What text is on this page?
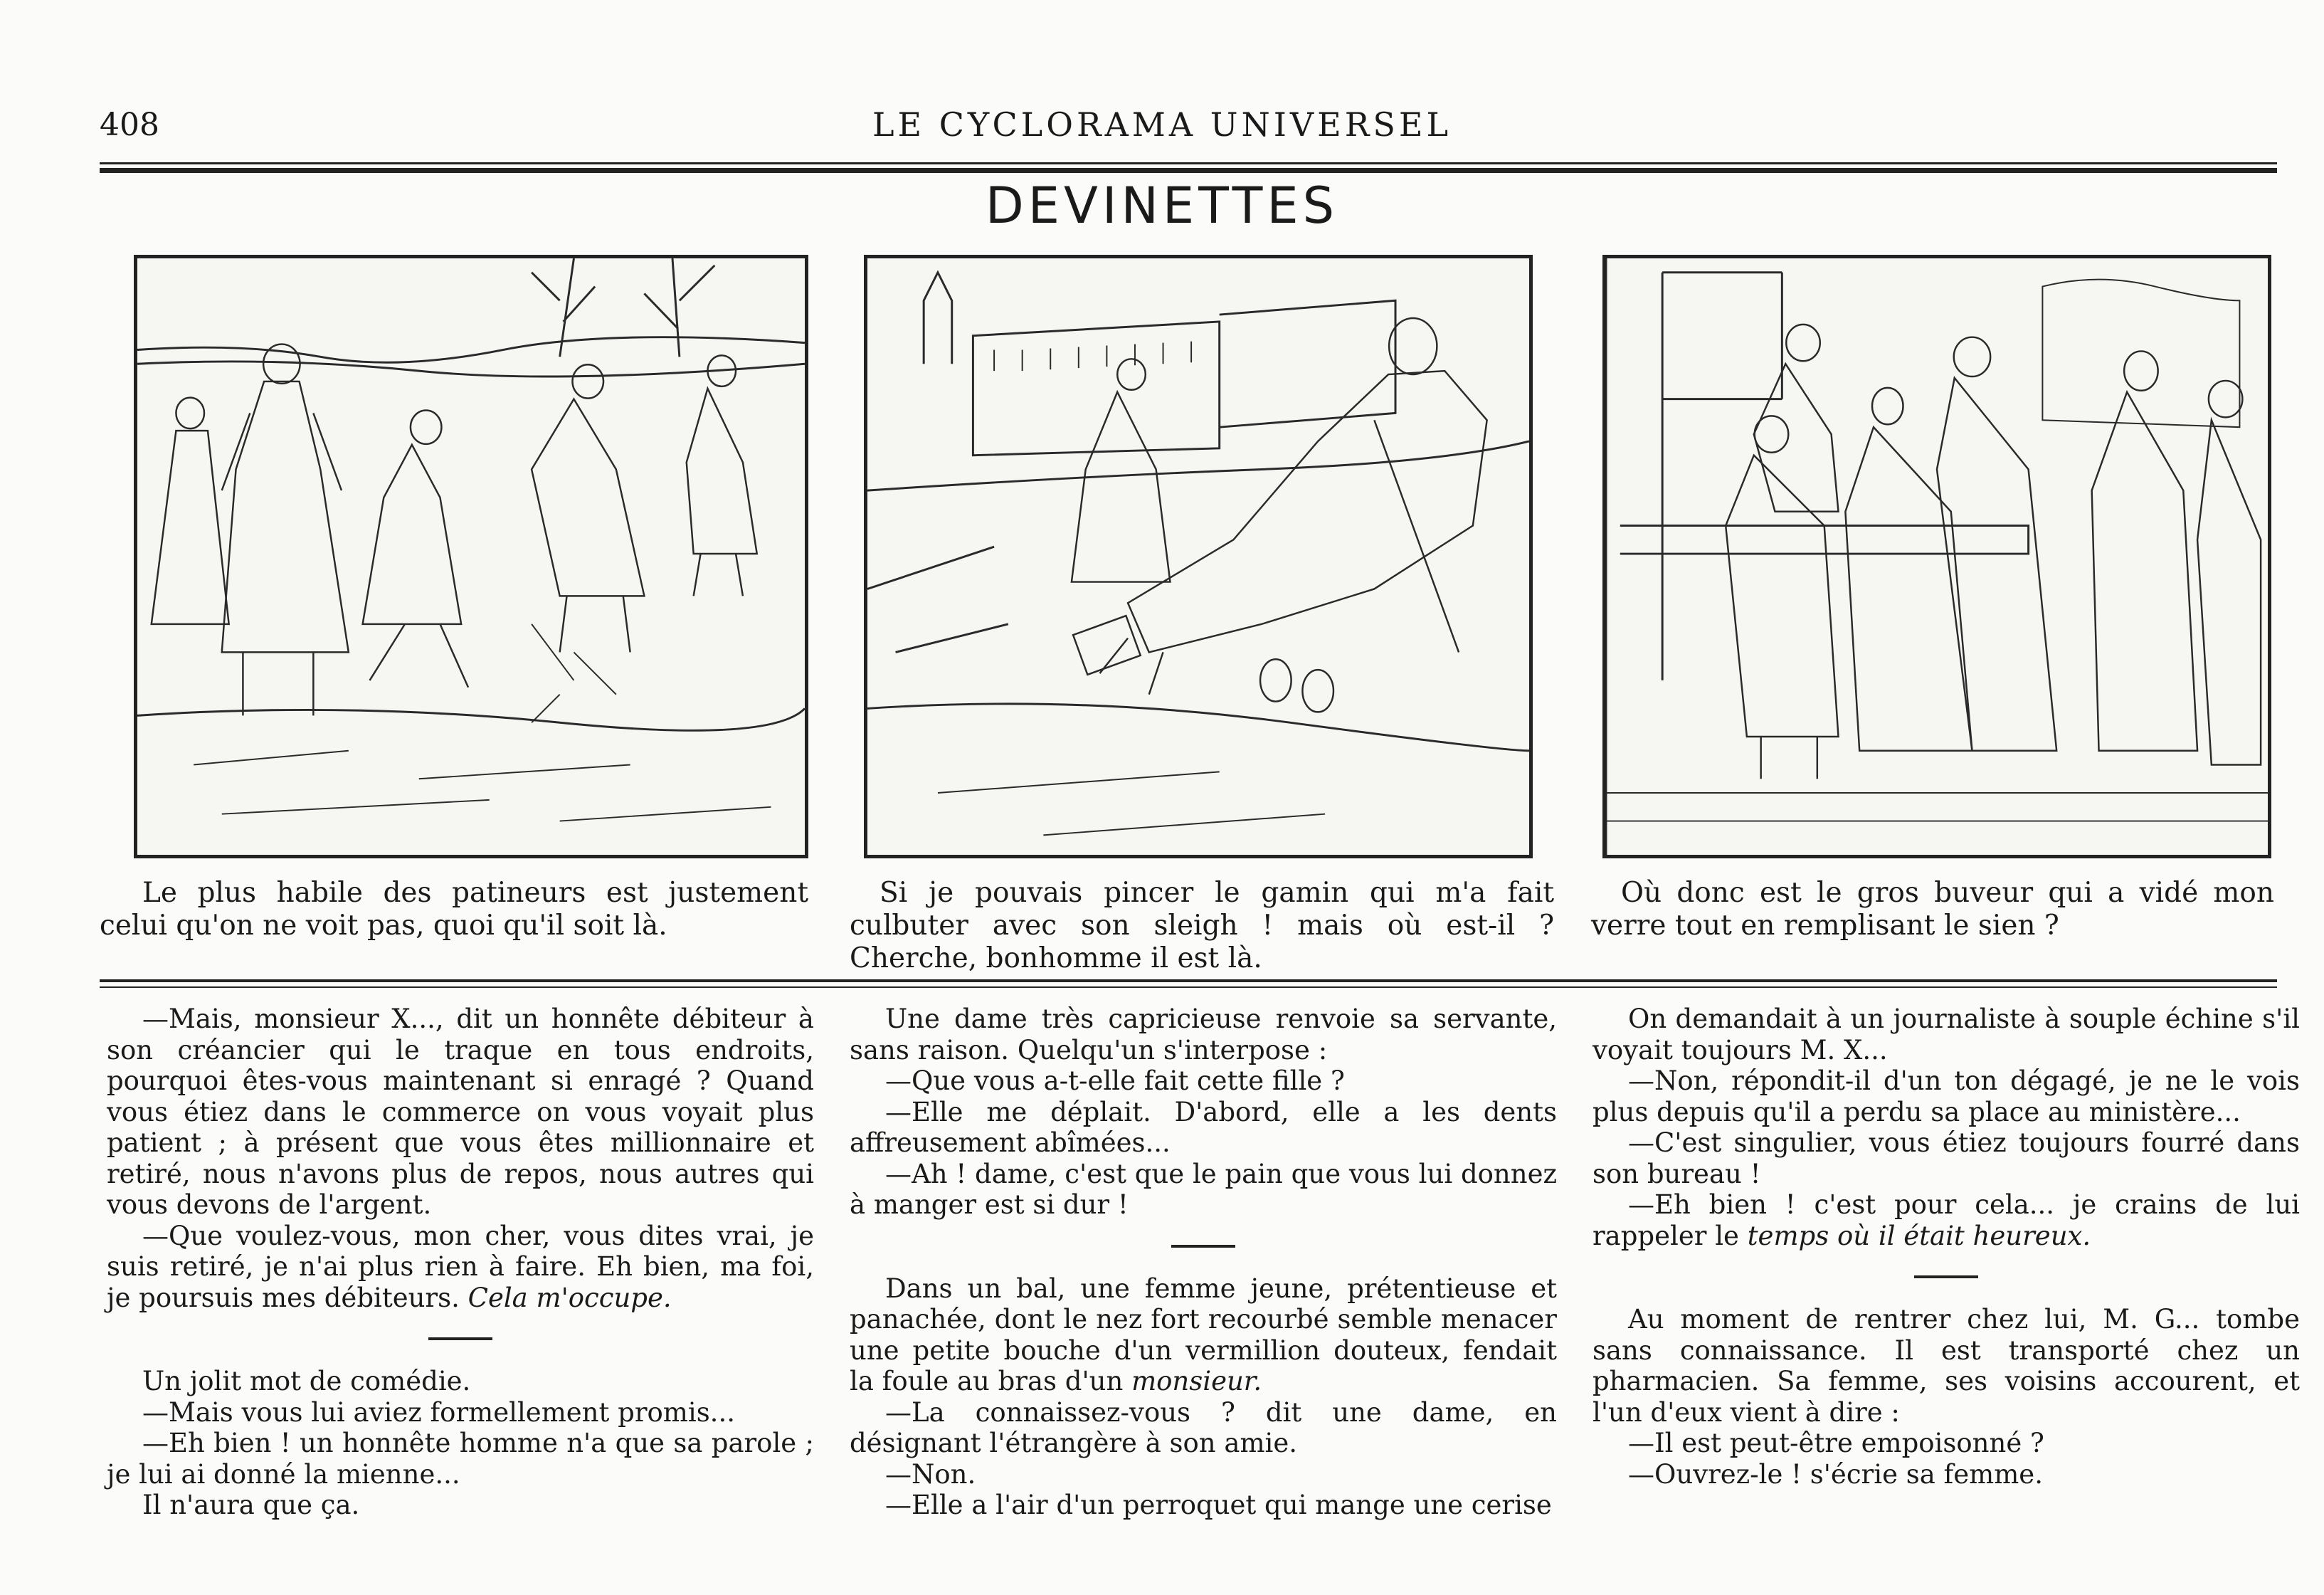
408	LE CYCLORAMA UNIVERSEL
DEVINETTES
Le plus habile des patineurs est justement celui qu'on ne voit pas, quoi qu'il soit là.
Si je pouvais pincer le gamin qui m'a fait culbuter avec son sleigh ! mais où est-il ? Cherche, bonhomme il est là.
Où donc est le gros buveur qui a vidé mon verre tout en remplisant le sien ?

—Mais, monsieur X..., dit un honnête débiteur à son créancier qui le traque en tous endroits, pourquoi êtes-vous maintenant si enragé ? Quand vous étiez dans le commerce on vous voyait plus patient ; à présent que vous êtes millionnaire et retiré, nous n'avons plus de repos, nous autres qui vous devons de l'argent.

—Que voulez-vous, mon cher, vous dites vrai, je suis retiré, je n'ai plus rien à faire. Eh bien, ma foi, je poursuis mes débiteurs. Cela m'occupe.

Un jolit mot de comédie.

—Mais vous lui aviez formellement promis...

—Eh bien ! un honnête homme n'a que sa parole ; je lui ai donné la mienne...

Il n'aura que ça.

Une dame très capricieuse renvoie sa servante, sans raison. Quelqu'un s'interpose :

—Que vous a-t-elle fait cette fille ?

—Elle me déplait. D'abord, elle a les dents affreusement abîmées...

—Ah ! dame, c'est que le pain que vous lui donnez à manger est si dur !

Dans un bal, une femme jeune, prétentieuse et panachée, dont le nez fort recourbé semble menacer une petite bouche d'un vermillion douteux, fendait la foule au bras d'un monsieur.

—La connaissez-vous ? dit une dame, en désignant l'étrangère à son amie.

—Non.

—Elle a l'air d'un perroquet qui mange une cerise

On demandait à un journaliste à souple échine s'il voyait toujours M. X...

—Non, répondit-il d'un ton dégagé, je ne le vois plus depuis qu'il a perdu sa place au ministère...

—C'est singulier, vous étiez toujours fourré dans son bureau !

—Eh bien ! c'est pour cela... je crains de lui rappeler le temps où il était heureux.

Au moment de rentrer chez lui, M. G... tombe sans connaissance. Il est transporté chez un pharmacien. Sa femme, ses voisins accourent, et l'un d'eux vient à dire :

—Il est peut-être empoisonné ?

—Ouvrez-le ! s'écrie sa femme.
